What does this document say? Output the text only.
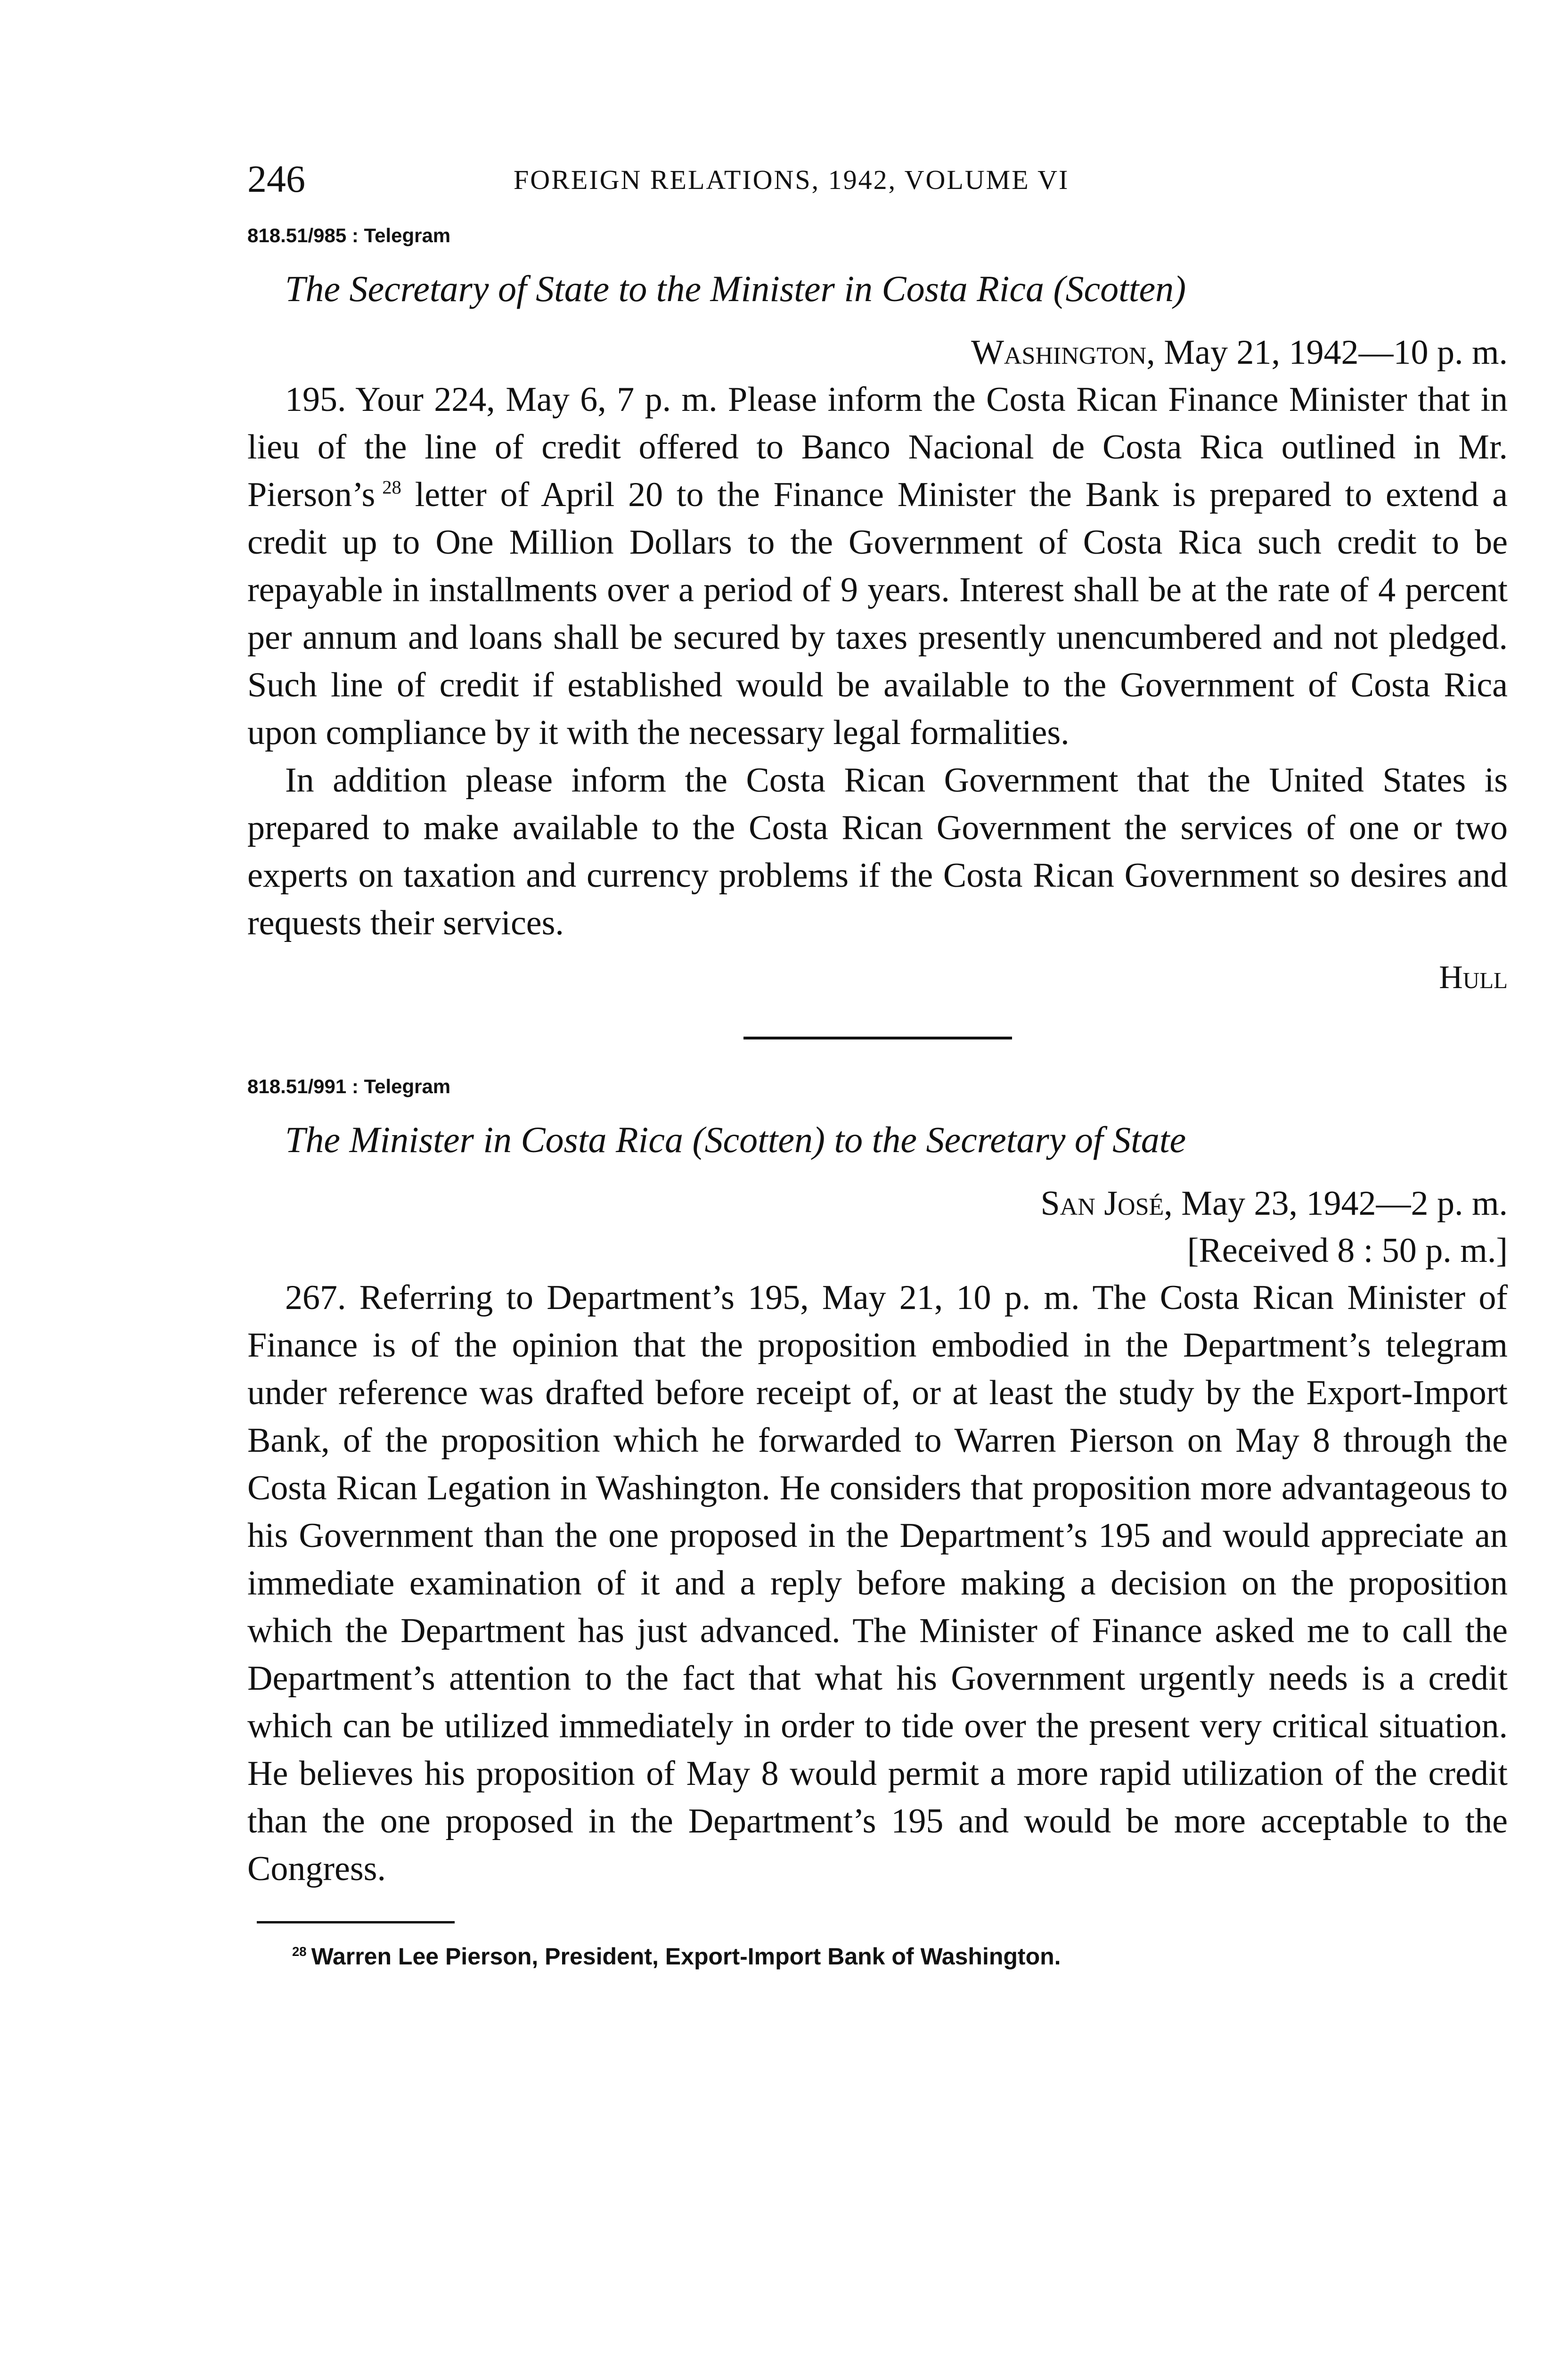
246	FOREIGN RELATIONS, 1942, VOLUME VI
818.51/985 : Telegram
The Secretary of State to the Minister in Costa Rica (Scotten)
Washington, May 21, 1942—10 p. m.

195. Your 224, May 6, 7 p. m. Please inform the Costa Rican Finance Minister that in lieu of the line of credit offered to Banco Nacional de Costa Rica outlined in Mr. Pierson’s  $^{28}$ letter of April 20 to the Finance Minister the Bank is prepared to extend a credit up to One Million Dollars to the Government of Costa Rica such credit to be repayable in installments over a period of 9 years. Interest shall be at the rate of 4 percent per annum and loans shall be secured by taxes presently unencumbered and not pledged. Such line of credit if established would be available to the Government of Costa Rica upon compliance by it with the necessary legal formalities.

In addition please inform the Costa Rican Government that the United States is prepared to make available to the Costa Rican Government the services of one or two experts on taxation and currency problems if the Costa Rican Government so desires and requests their services.

Hull
818.51/991 : Telegram
The Minister in Costa Rica (Scotten) to the Secretary of State
San José, May 23, 1942—2 p. m.
[Received 8 : 50 p. m.]

267. Referring to Department’s 195, May 21, 10 p. m. The Costa Rican Minister of Finance is of the opinion that the proposition embodied in the Department’s telegram under reference was drafted before receipt of, or at least the study by the Export-Import Bank, of the proposition which he forwarded to Warren Pierson on May 8 through the Costa Rican Legation in Washington. He considers that proposition more advantageous to his Government than the one proposed in the Department’s 195 and would appreciate an immediate examination of it and a reply before making a decision on the proposition which the Department has just advanced. The Minister of Finance asked me to call the Department’s attention to the fact that what his Government urgently needs is a credit which can be utilized immediately in order to tide over the present very critical situation. He believes his proposition of May 8 would permit a more rapid utilization of the credit than the one proposed in the Department’s 195 and would be more acceptable to the Congress.

$^{28}$  Warren Lee Pierson, President, Export-Import Bank of Washington.
